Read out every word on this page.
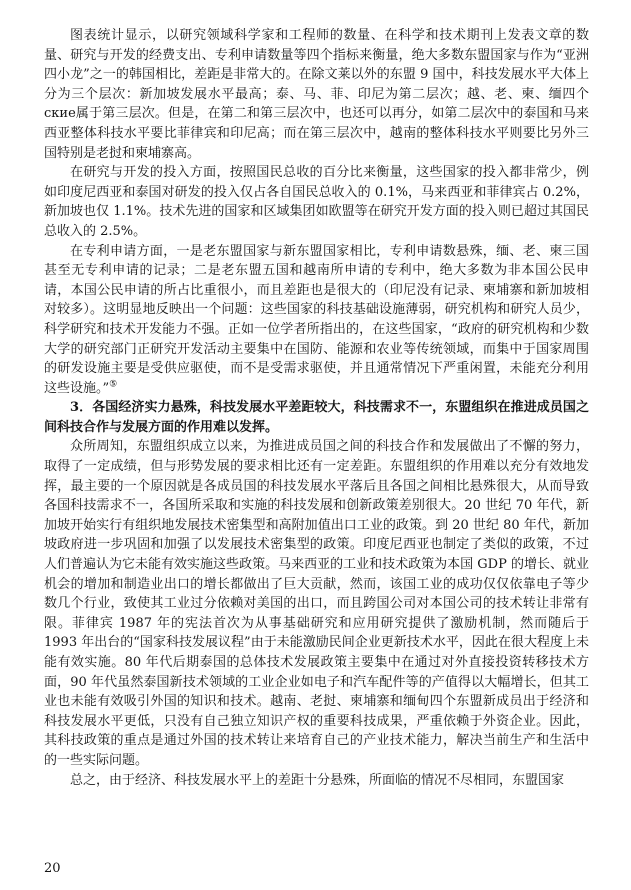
图表统计显示，以研究领域科学家和工程师的数量、在科学和技术期刊上发表文章的数量、研究与开发的经费支出、专利申请数量等四个指标来衡量，绝大多数东盟国家与作为“亚洲四小龙”之一的韩国相比，差距是非常大的。在除文莱以外的东盟 9 国中，科技发展水平大体上分为三个层次：新加坡发展水平最高；泰、马、菲、印尼为第二层次；越、老、柬、缅四个ские属于第三层次。但是，在第二和第三层次中，也还可以再分，如第二层次中的泰国和马来西亚整体科技水平要比菲律宾和印尼高；而在第三层次中，越南的整体科技水平则要比另外三国特别是老挝和柬埔寨高。

在研究与开发的投入方面，按照国民总收的百分比来衡量，这些国家的投入都非常少，例如印度尼西亚和泰国对研发的投入仅占各自国民总收入的 0.1%，马来西亚和菲律宾占 0.2%，新加坡也仅 1.1%。技术先进的国家和区域集团如欧盟等在研究开发方面的投入则已超过其国民总收入的 2.5%。

在专利申请方面，一是老东盟国家与新东盟国家相比，专利申请数悬殊，缅、老、柬三国甚至无专利申请的记录；二是老东盟五国和越南所申请的专利中，绝大多数为非本国公民申请，本国公民申请的所占比重很小，而且差距也是很大的（印尼没有记录、柬埔寨和新加坡相对较多）。这明显地反映出一个问题：这些国家的科技基础设施薄弱，研究机构和研究人员少，科学研究和技术开发能力不强。正如一位学者所指出的，在这些国家，“政府的研究机构和少数大学的研究部门正研究开发活动主要集中在国防、能源和农业等传统领域，而集中于国家周围的研发设施主要是受供应驱使，而不是受需求驱使，并且通常情况下严重闲置，未能充分利用这些设施。”⑤

3．各国经济实力悬殊，科技发展水平差距较大，科技需求不一，东盟组织在推进成员国之间科技合作与发展方面的作用难以发挥。

众所周知，东盟组织成立以来，为推进成员国之间的科技合作和发展做出了不懈的努力，取得了一定成绩，但与形势发展的要求相比还有一定差距。东盟组织的作用难以充分有效地发挥，最主要的一个原因就是各成员国的科技发展水平落后且各国之间相比悬殊很大，从而导致各国科技需求不一，各国所采取和实施的科技发展和创新政策差别很大。20 世纪 70 年代，新加坡开始实行有组织地发展技术密集型和高附加值出口工业的政策。到 20 世纪 80 年代，新加坡政府进一步巩固和加强了以发展技术密集型的政策。印度尼西亚也制定了类似的政策，不过人们普遍认为它未能有效实施这些政策。马来西亚的工业和技术政策为本国 GDP 的增长、就业机会的增加和制造业出口的增长都做出了巨大贡献，然而，该国工业的成功仅仅依靠电子等少数几个行业，致使其工业过分依赖对美国的出口，而且跨国公司对本国公司的技术转让非常有限。菲律宾 1987 年的宪法首次为从事基础研究和应用研究提供了激励机制，然而随后于 1993 年出台的“国家科技发展议程”由于未能激励民间企业更新技术水平，因此在很大程度上未能有效实施。80 年代后期泰国的总体技术发展政策主要集中在通过对外直接投资转移技术方面，90 年代虽然泰国新技术领域的工业企业如电子和汽车配件等的产值得以大幅增长，但其工业也未能有效吸引外国的知识和技术。越南、老挝、柬埔寨和缅甸四个东盟新成员出于经济和科技发展水平更低，只没有自己独立知识产权的重要科技成果，严重依赖于外资企业。因此，其科技政策的重点是通过外国的技术转让来培育自己的产业技术能力，解决当前生产和生活中的一些实际问题。

总之，由于经济、科技发展水平上的差距十分悬殊，所面临的情况不尽相同，东盟国家

20
